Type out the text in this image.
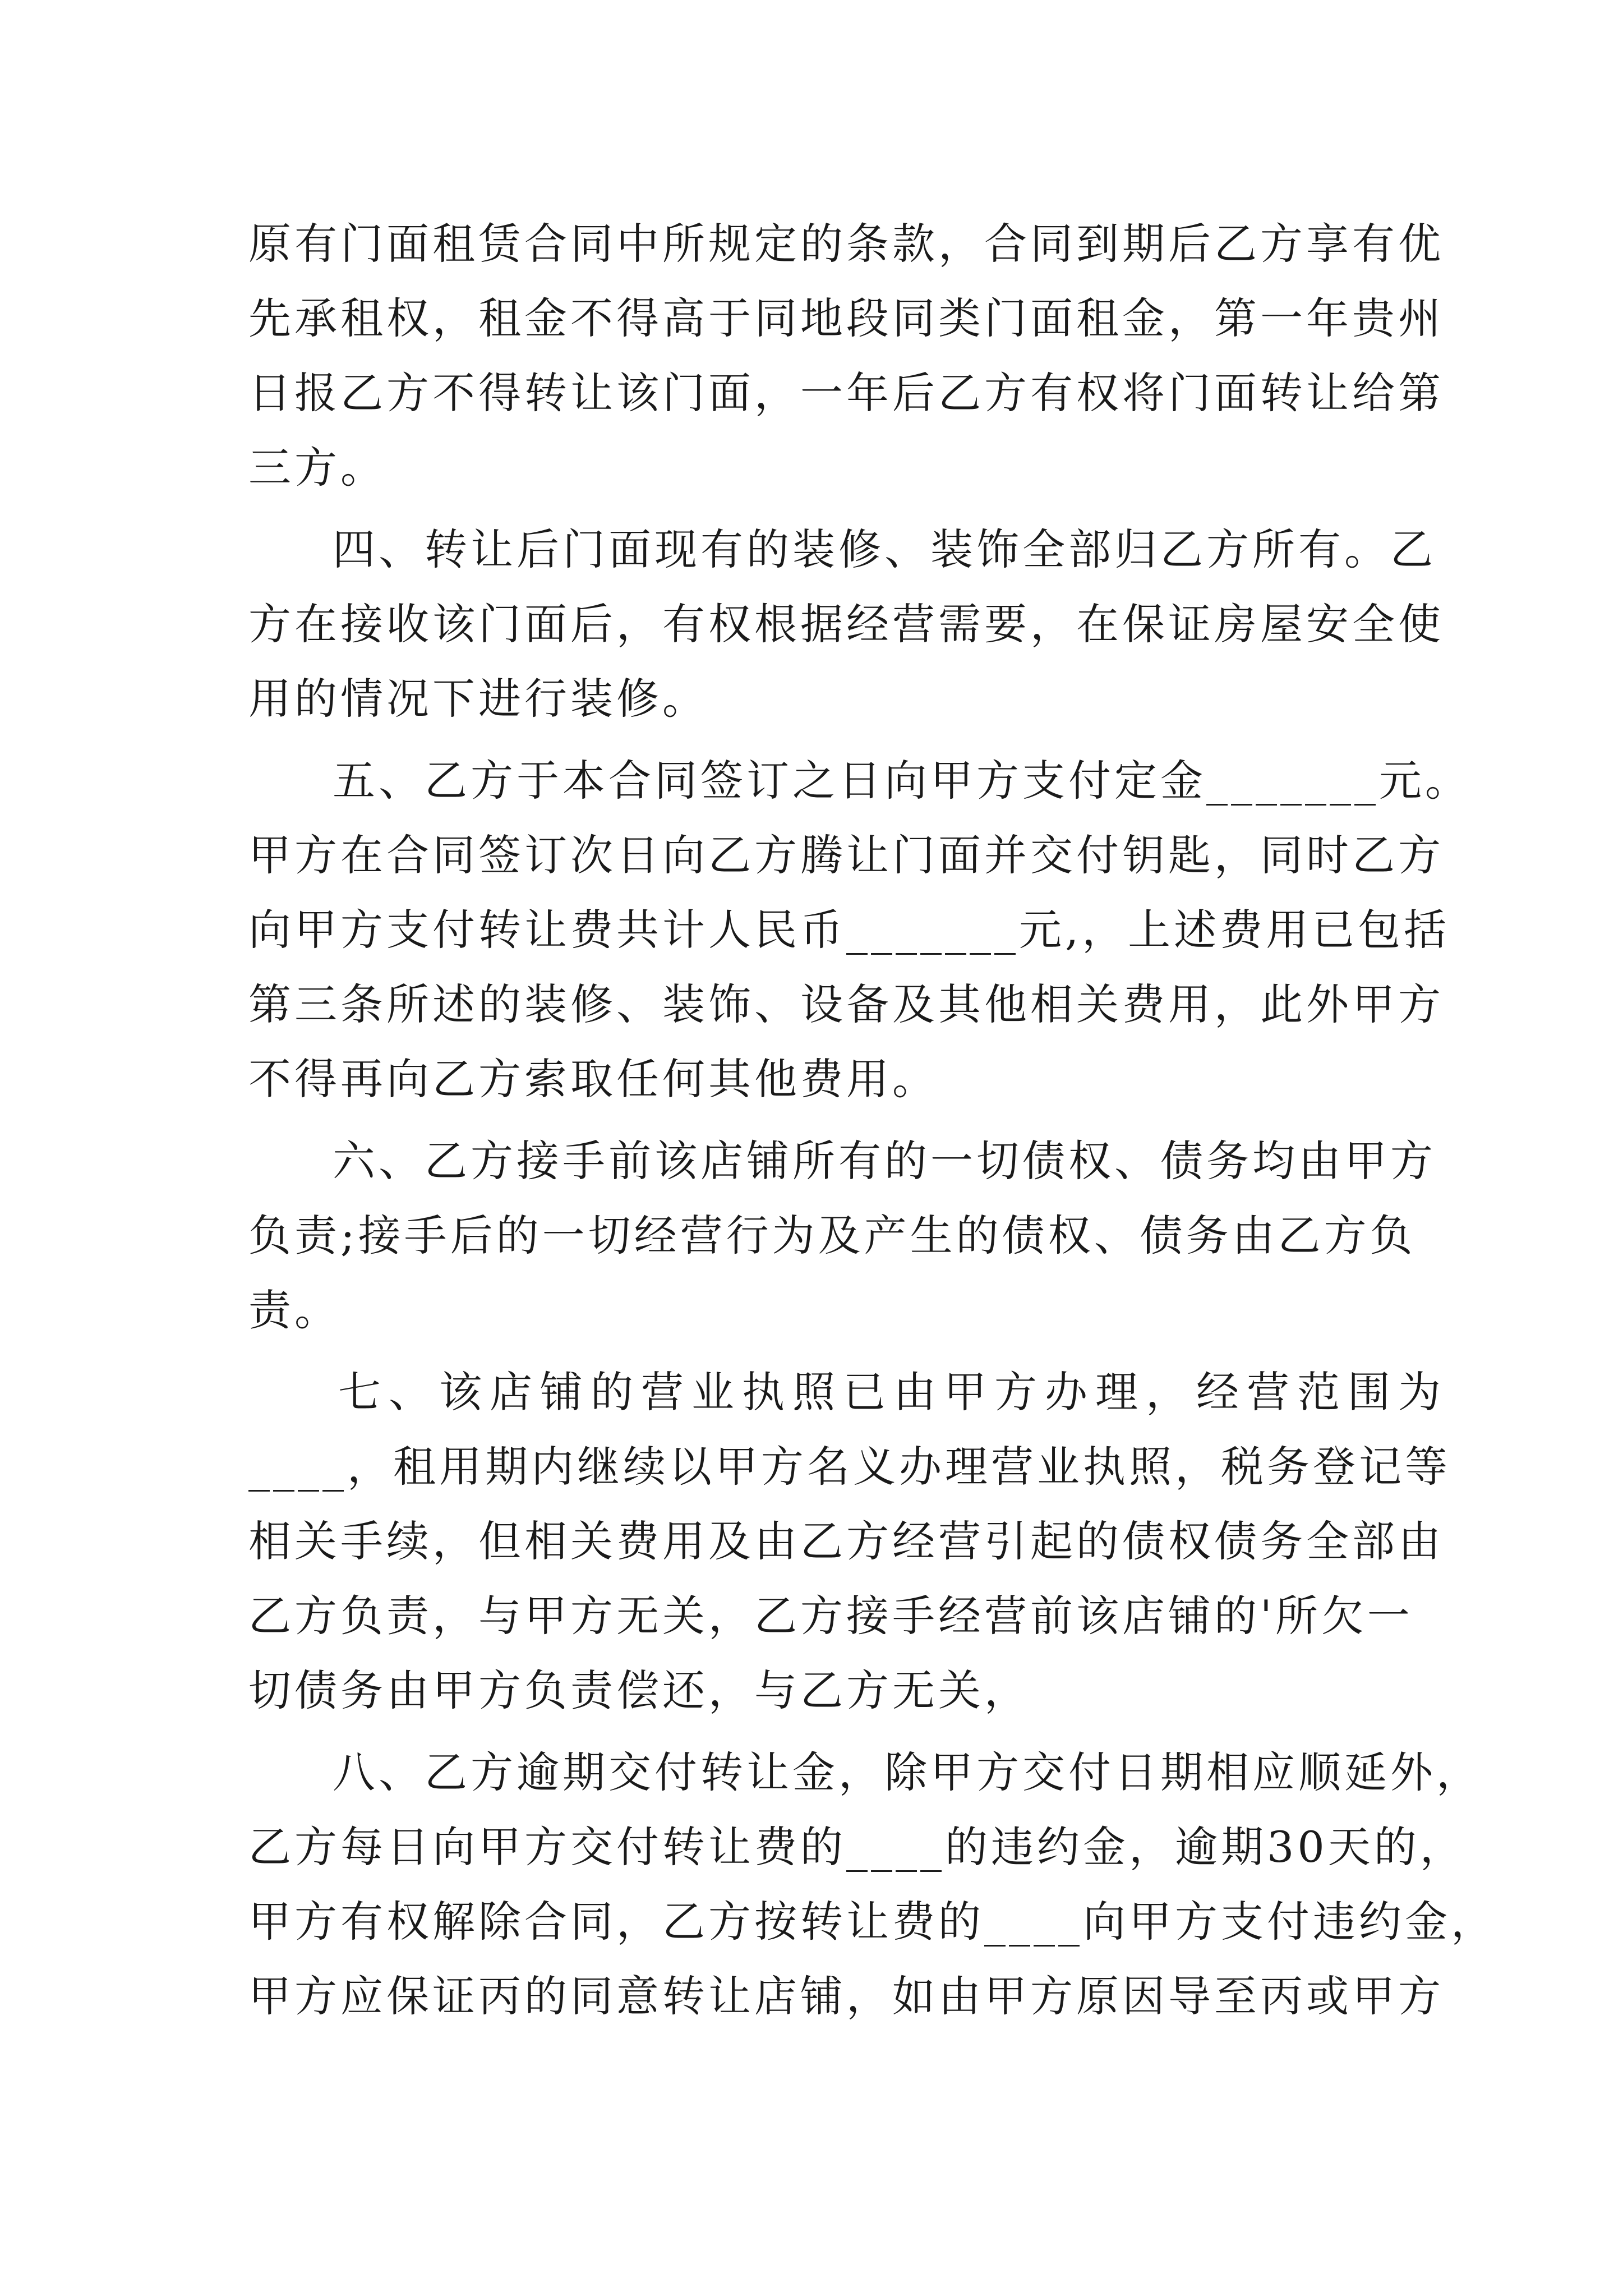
原有门面租赁合同中所规定的条款，合同到期后乙方享有优
先承租权，租金不得高于同地段同类门面租金，第一年贵州
日报乙方不得转让该门面，一年后乙方有权将门面转让给第
三方。
四、转让后门面现有的装修、装饰全部归乙方所有。乙
方在接收该门面后，有权根据经营需要，在保证房屋安全使
用的情况下进行装修。
五、乙方于本合同签订之日向甲方支付定金_______元。
甲方在合同签订次日向乙方腾让门面并交付钥匙，同时乙方
向甲方支付转让费共计人民币_______元,，上述费用已包括
第三条所述的装修、装饰、设备及其他相关费用，此外甲方
不得再向乙方索取任何其他费用。
六、乙方接手前该店铺所有的一切债权、债务均由甲方
负责;接手后的一切经营行为及产生的债权、债务由乙方负
责。
七、该店铺的营业执照已由甲方办理，经营范围为
____，租用期内继续以甲方名义办理营业执照，税务登记等
相关手续，但相关费用及由乙方经营引起的债权债务全部由
乙方负责，与甲方无关，乙方接手经营前该店铺的'所欠一
切债务由甲方负责偿还，与乙方无关，
八、乙方逾期交付转让金，除甲方交付日期相应顺延外，
乙方每日向甲方交付转让费的____的违约金，逾期30天的，
甲方有权解除合同，乙方按转让费的____向甲方支付违约金，
甲方应保证丙的同意转让店铺，如由甲方原因导至丙或甲方
